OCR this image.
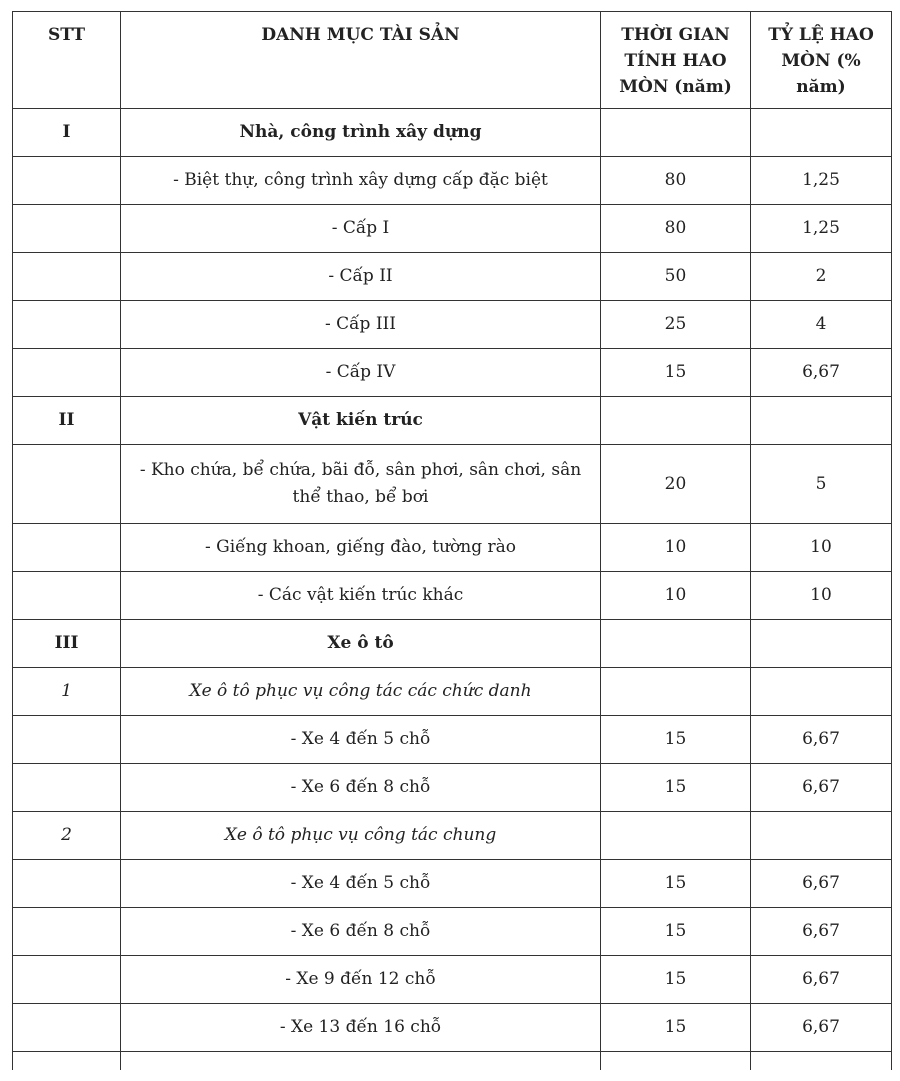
STT	DANH MỤC TÀI SẢN	THỜI GIAN TÍNH HAO MÒN (năm)	TỶ LỆ HAO MÒN (% năm)
I	Nhà, công trình xây dựng		
	- Biệt thự, công trình xây dựng cấp đặc biệt	80	1,25
	- Cấp I	80	1,25
	- Cấp II	50	2
	- Cấp III	25	4
	- Cấp IV	15	6,67
II	Vật kiến trúc		
	- Kho chứa, bể chứa, bãi đỗ, sân phơi, sân chơi, sân thể thao, bể bơi	20	5
	- Giếng khoan, giếng đào, tường rào	10	10
	- Các vật kiến trúc khác	10	10
III	Xe ô tô		
1	Xe ô tô phục vụ công tác các chức danh		
	- Xe 4 đến 5 chỗ	15	6,67
	- Xe 6 đến 8 chỗ	15	6,67
2	Xe ô tô phục vụ công tác chung		
	- Xe 4 đến 5 chỗ	15	6,67
	- Xe 6 đến 8 chỗ	15	6,67
	- Xe 9 đến 12 chỗ	15	6,67
	- Xe 13 đến 16 chỗ	15	6,67
